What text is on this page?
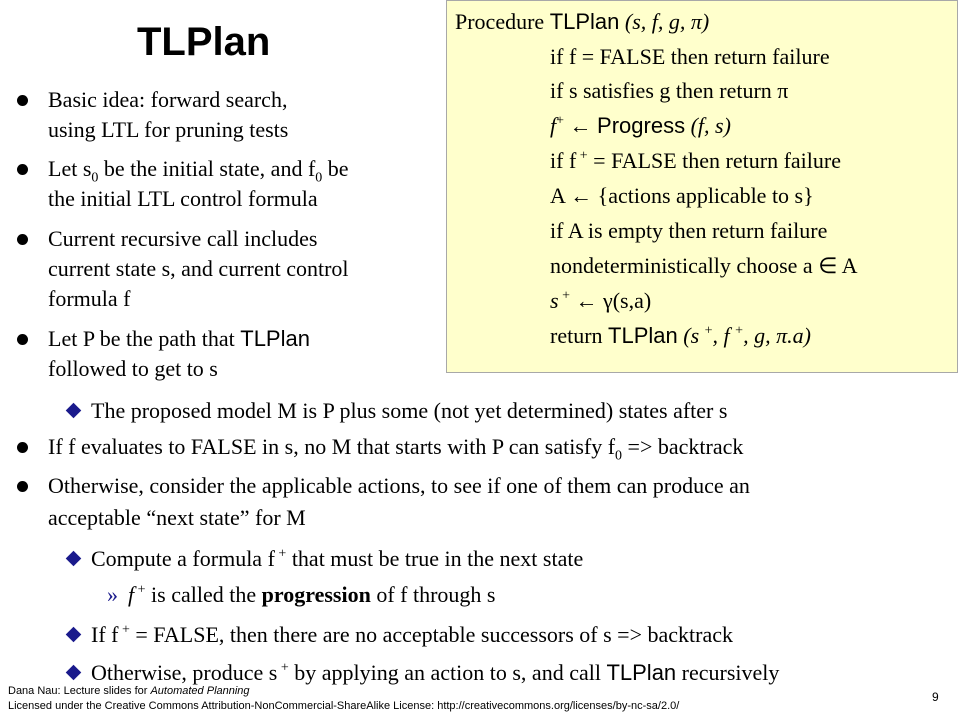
TLPlan	Procedure TLPlan (s, f, g, π)
if f = FALSE then return failure
if s satisfies g then return π
f+ ← Progress (f, s)
if f + = FALSE then return failure
A ← {actions applicable to s}
if A is empty then return failure
nondeterministically choose a ∈ A
s + ← γ(s,a)
return TLPlan (s +, f +, g, π.a)
Basic idea: forward search,
using LTL for pruning tests
Let $s_0$ be the initial state, and $f_0$ be
the initial LTL control formula
Current recursive call includes
current state s, and current control
formula f
Let P be the path that TLPlan
followed to get to s
The proposed model M is P plus some (not yet determined) states after s
If f evaluates to FALSE in s, no M that starts with P can satisfy $f_0$ => backtrack
Otherwise, consider the applicable actions, to see if one of them can produce an
acceptable “next state” for M
Compute a formula f + that must be true in the next state
» f + is called the progression of f through s
If f + = FALSE, then there are no acceptable successors of s => backtrack
Otherwise, produce s + by applying an action to s, and call TLPlan recursively
Dana Nau: Lecture slides for Automated Planning
Licensed under the Creative Commons Attribution-NonCommercial-ShareAlike License: http://creativecommons.org/licenses/by-nc-sa/2.0/
9
